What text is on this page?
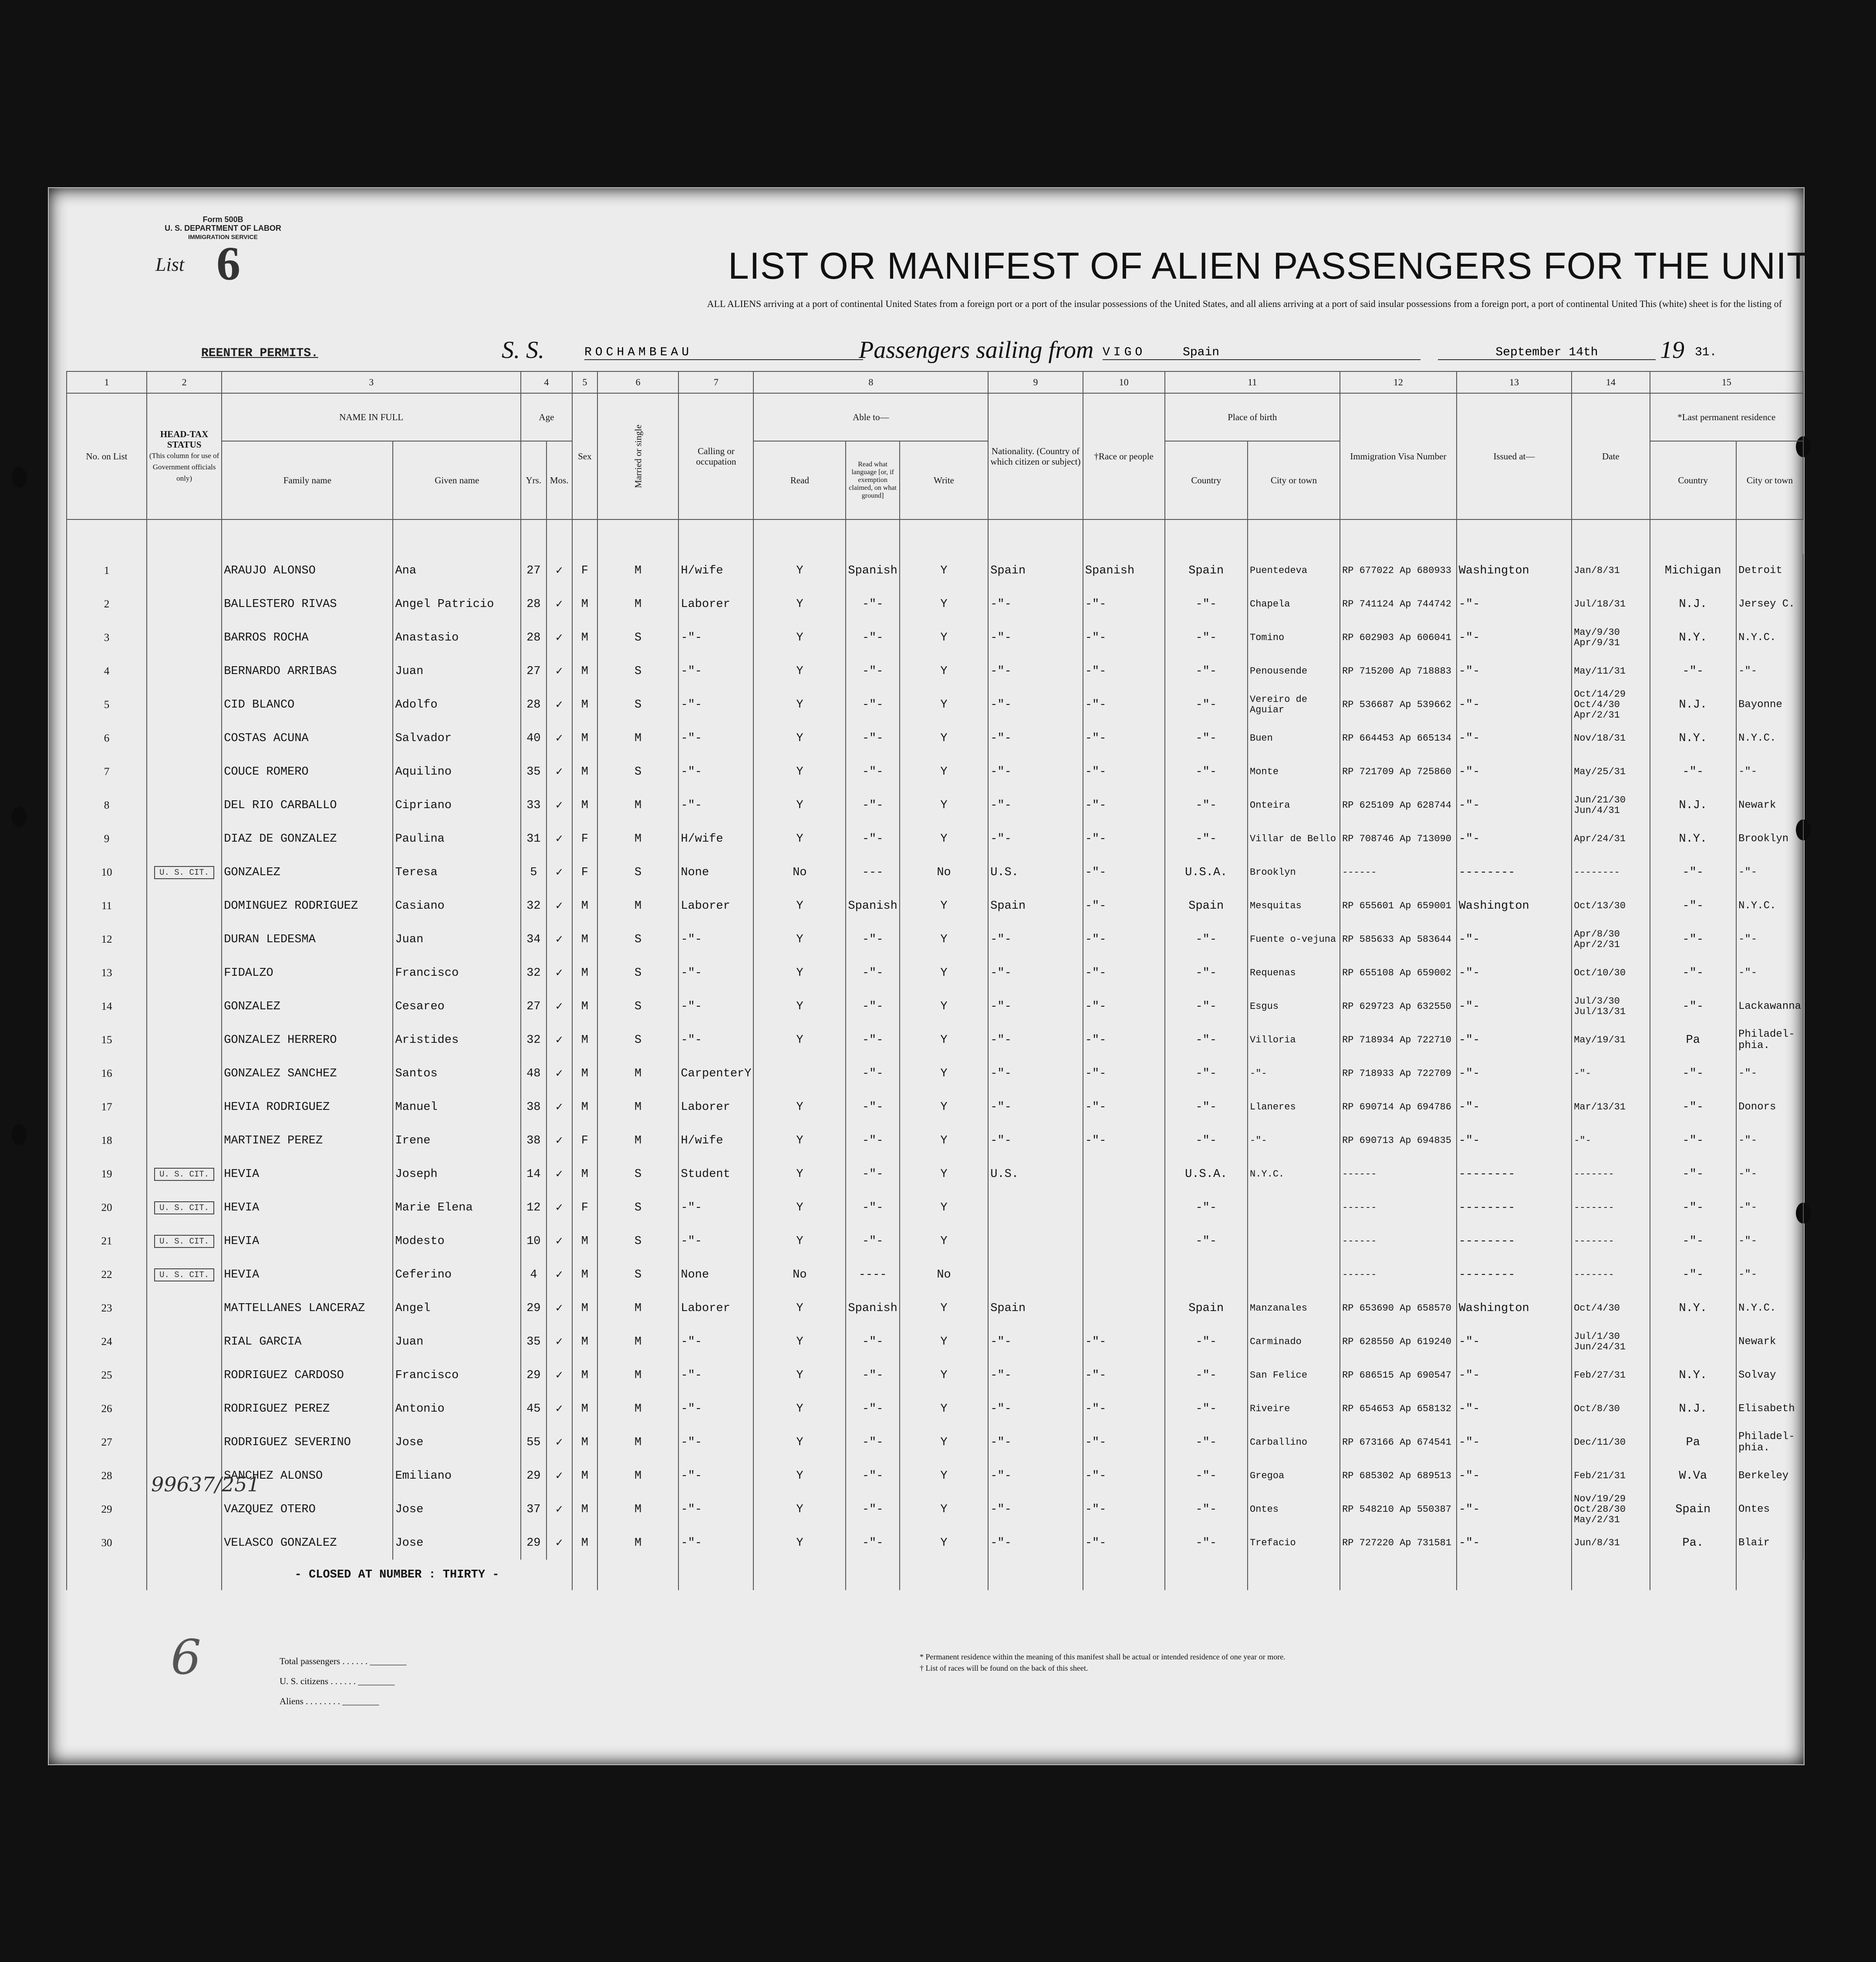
Form 500B
U. S. DEPARTMENT OF LABOR
IMMIGRATION SERVICE
List 6	LIST OR MANIFEST OF ALIEN PASSENGERS FOR THE UNITED
ALL ALIENS arriving at a port of continental United States from a foreign port or a port of the insular possessions of the United States, and all aliens arriving at a port of said insular possessions from a foreign port, a port of continental United This (white) sheet is for the listing of
REENTER PERMITS.	S. S.	ROCHAMBEAU	Passengers sailing from VIGO	Spain	September 14th	19 31.
1	2	3		4		5	6	7	8			9	10	11		12	13	14	15	
No. on List	HEAD-TAX STATUS
(This column for use of Government officials only)	NAME IN FULL		Age		Sex	Married or single	Calling or occupation	Able to—			Nationality. (Country of which citizen or subject)	†Race or people	Place of birth		Immigration Visa Number	Issued at—	Date	*Last permanent residence	
		Family name	Given name	Yrs.	Mos.				Read	Read what language [or, if exemption claimed, on what ground]	Write			Country	City or town				Country	City or town

1		ARAUJO ALONSO	Ana	27	✓	F	M	H/wife	Y	Spanish	Y	Spain	Spanish	Spain	Puentedeva	RP 677022 Ap 680933	Washington	Jan/8/31	Michigan	Detroit
2		BALLESTERO RIVAS	Angel Patricio	28	✓	M	M	Laborer	Y	-"-	Y	-"-	-"-	-"-	Chapela	RP 741124 Ap 744742	-"-	Jul/18/31	N.J.	Jersey C.
3		BARROS ROCHA	Anastasio	28	✓	M	S	-"-	Y	-"-	Y	-"-	-"-	-"-	Tomino	RP 602903 Ap 606041	-"-	May/9/30 Apr/9/31	N.Y.	N.Y.C.
4		BERNARDO ARRIBAS	Juan	27	✓	M	S	-"-	Y	-"-	Y	-"-	-"-	-"-	Penousende	RP 715200 Ap 718883	-"-	May/11/31	-"-	-"-
5		CID BLANCO	Adolfo	28	✓	M	S	-"-	Y	-"-	Y	-"-	-"-	-"-	Vereiro de Aguiar	RP 536687 Ap 539662	-"-	Oct/14/29 Oct/4/30 Apr/2/31	N.J.	Bayonne
6		COSTAS ACUNA	Salvador	40	✓	M	M	-"-	Y	-"-	Y	-"-	-"-	-"-	Buen	RP 664453 Ap 665134	-"-	Nov/18/31	N.Y.	N.Y.C.
7		COUCE ROMERO	Aquilino	35	✓	M	S	-"-	Y	-"-	Y	-"-	-"-	-"-	Monte	RP 721709 Ap 725860	-"-	May/25/31	-"-	-"-
8		DEL RIO CARBALLO	Cipriano	33	✓	M	M	-"-	Y	-"-	Y	-"-	-"-	-"-	Onteira	RP 625109 Ap 628744	-"-	Jun/21/30 Jun/4/31	N.J.	Newark
9		DIAZ DE GONZALEZ	Paulina	31	✓	F	M	H/wife	Y	-"-	Y	-"-	-"-	-"-	Villar de Bello	RP 708746 Ap 713090	-"-	Apr/24/31	N.Y.	Brooklyn
10	U. S. CIT.	GONZALEZ	Teresa	5	✓	F	S	None	No	---	No	U.S.	-"-	U.S.A.	Brooklyn	------	--------	--------	-"-	-"-
11		DOMINGUEZ RODRIGUEZ	Casiano	32	✓	M	M	Laborer	Y	Spanish	Y	Spain	-"-	Spain	Mesquitas	RP 655601 Ap 659001	Washington	Oct/13/30	-"-	N.Y.C.
12		DURAN LEDESMA	Juan	34	✓	M	S	-"-	Y	-"-	Y	-"-	-"-	-"-	Fuente o-vejuna	RP 585633 Ap 583644	-"-	Apr/8/30 Apr/2/31	-"-	-"-
13		FIDALZO	Francisco	32	✓	M	S	-"-	Y	-"-	Y	-"-	-"-	-"-	Requenas	RP 655108 Ap 659002	-"-	Oct/10/30	-"-	-"-
14		GONZALEZ	Cesareo	27	✓	M	S	-"-	Y	-"-	Y	-"-	-"-	-"-	Esgus	RP 629723 Ap 632550	-"-	Jul/3/30 Jul/13/31	-"-	Lackawanna
15		GONZALEZ HERRERO	Aristides	32	✓	M	S	-"-	Y	-"-	Y	-"-	-"-	-"-	Villoria	RP 718934 Ap 722710	-"-	May/19/31	Pa	Philadel-phia.
16		GONZALEZ SANCHEZ	Santos	48	✓	M	M	CarpenterY		-"-	Y	-"-	-"-	-"-	-"-	RP 718933 Ap 722709	-"-	-"-	-"-	-"-
17		HEVIA RODRIGUEZ	Manuel	38	✓	M	M	Laborer	Y	-"-	Y	-"-	-"-	-"-	Llaneres	RP 690714 Ap 694786	-"-	Mar/13/31	-"-	Donors
18		MARTINEZ PEREZ	Irene	38	✓	F	M	H/wife	Y	-"-	Y	-"-	-"-	-"-	-"-	RP 690713 Ap 694835	-"-	-"-	-"-	-"-
19	U. S. CIT.	HEVIA	Joseph	14	✓	M	S	Student	Y	-"-	Y	U.S.		U.S.A.	N.Y.C.	------	--------	-------	-"-	-"-
20	U. S. CIT.	HEVIA	Marie Elena	12	✓	F	S	-"-	Y	-"-	Y			-"-		------	--------	-------	-"-	-"-
21	U. S. CIT.	HEVIA	Modesto	10	✓	M	S	-"-	Y	-"-	Y			-"-		------	--------	-------	-"-	-"-
22	U. S. CIT.	HEVIA	Ceferino	4	✓	M	S	None	No	----	No					------	--------	-------	-"-	-"-
23		MATTELLANES LANCERAZ	Angel	29	✓	M	M	Laborer	Y	Spanish	Y	Spain		Spain	Manzanales	RP 653690 Ap 658570	Washington	Oct/4/30	N.Y.	N.Y.C.
24		RIAL GARCIA	Juan	35	✓	M	M	-"-	Y	-"-	Y	-"-	-"-	-"-	Carminado	RP 628550 Ap 619240	-"-	Jul/1/30 Jun/24/31		Newark
25		RODRIGUEZ CARDOSO	Francisco	29	✓	M	M	-"-	Y	-"-	Y	-"-	-"-	-"-	San Felice	RP 686515 Ap 690547	-"-	Feb/27/31	N.Y.	Solvay
26		RODRIGUEZ PEREZ	Antonio	45	✓	M	M	-"-	Y	-"-	Y	-"-	-"-	-"-	Riveire	RP 654653 Ap 658132	-"-	Oct/8/30	N.J.	Elisabeth
27		RODRIGUEZ SEVERINO	Jose	55	✓	M	M	-"-	Y	-"-	Y	-"-	-"-	-"-	Carballino	RP 673166 Ap 674541	-"-	Dec/11/30	Pa	Philadel-phia.
28		SANCHEZ ALONSO	Emiliano	29	✓	M	M	-"-	Y	-"-	Y	-"-	-"-	-"-	Gregoa	RP 685302 Ap 689513	-"-	Feb/21/31	W.Va	Berkeley
29		VAZQUEZ OTERO	Jose	37	✓	M	M	-"-	Y	-"-	Y	-"-	-"-	-"-	Ontes	RP 548210 Ap 550387	-"-	Nov/19/29 Oct/28/30 May/2/31	Spain	Ontes
30		VELASCO GONZALEZ	Jose	29	✓	M	M	-"-	Y	-"-	Y	-"-	-"-	-"-	Trefacio	RP 727220 Ap 731581	-"-	Jun/8/31	Pa.	Blair
		- CLOSED AT NUMBER : THIRTY -																		
99637/251
6	Total passengers . . . . . . ________
U. S. citizens . . . . . . ________
Aliens . . . . . . . . ________
* Permanent residence within the meaning of this manifest shall be actual or intended residence of one year or more.
† List of races will be found on the back of this sheet.
